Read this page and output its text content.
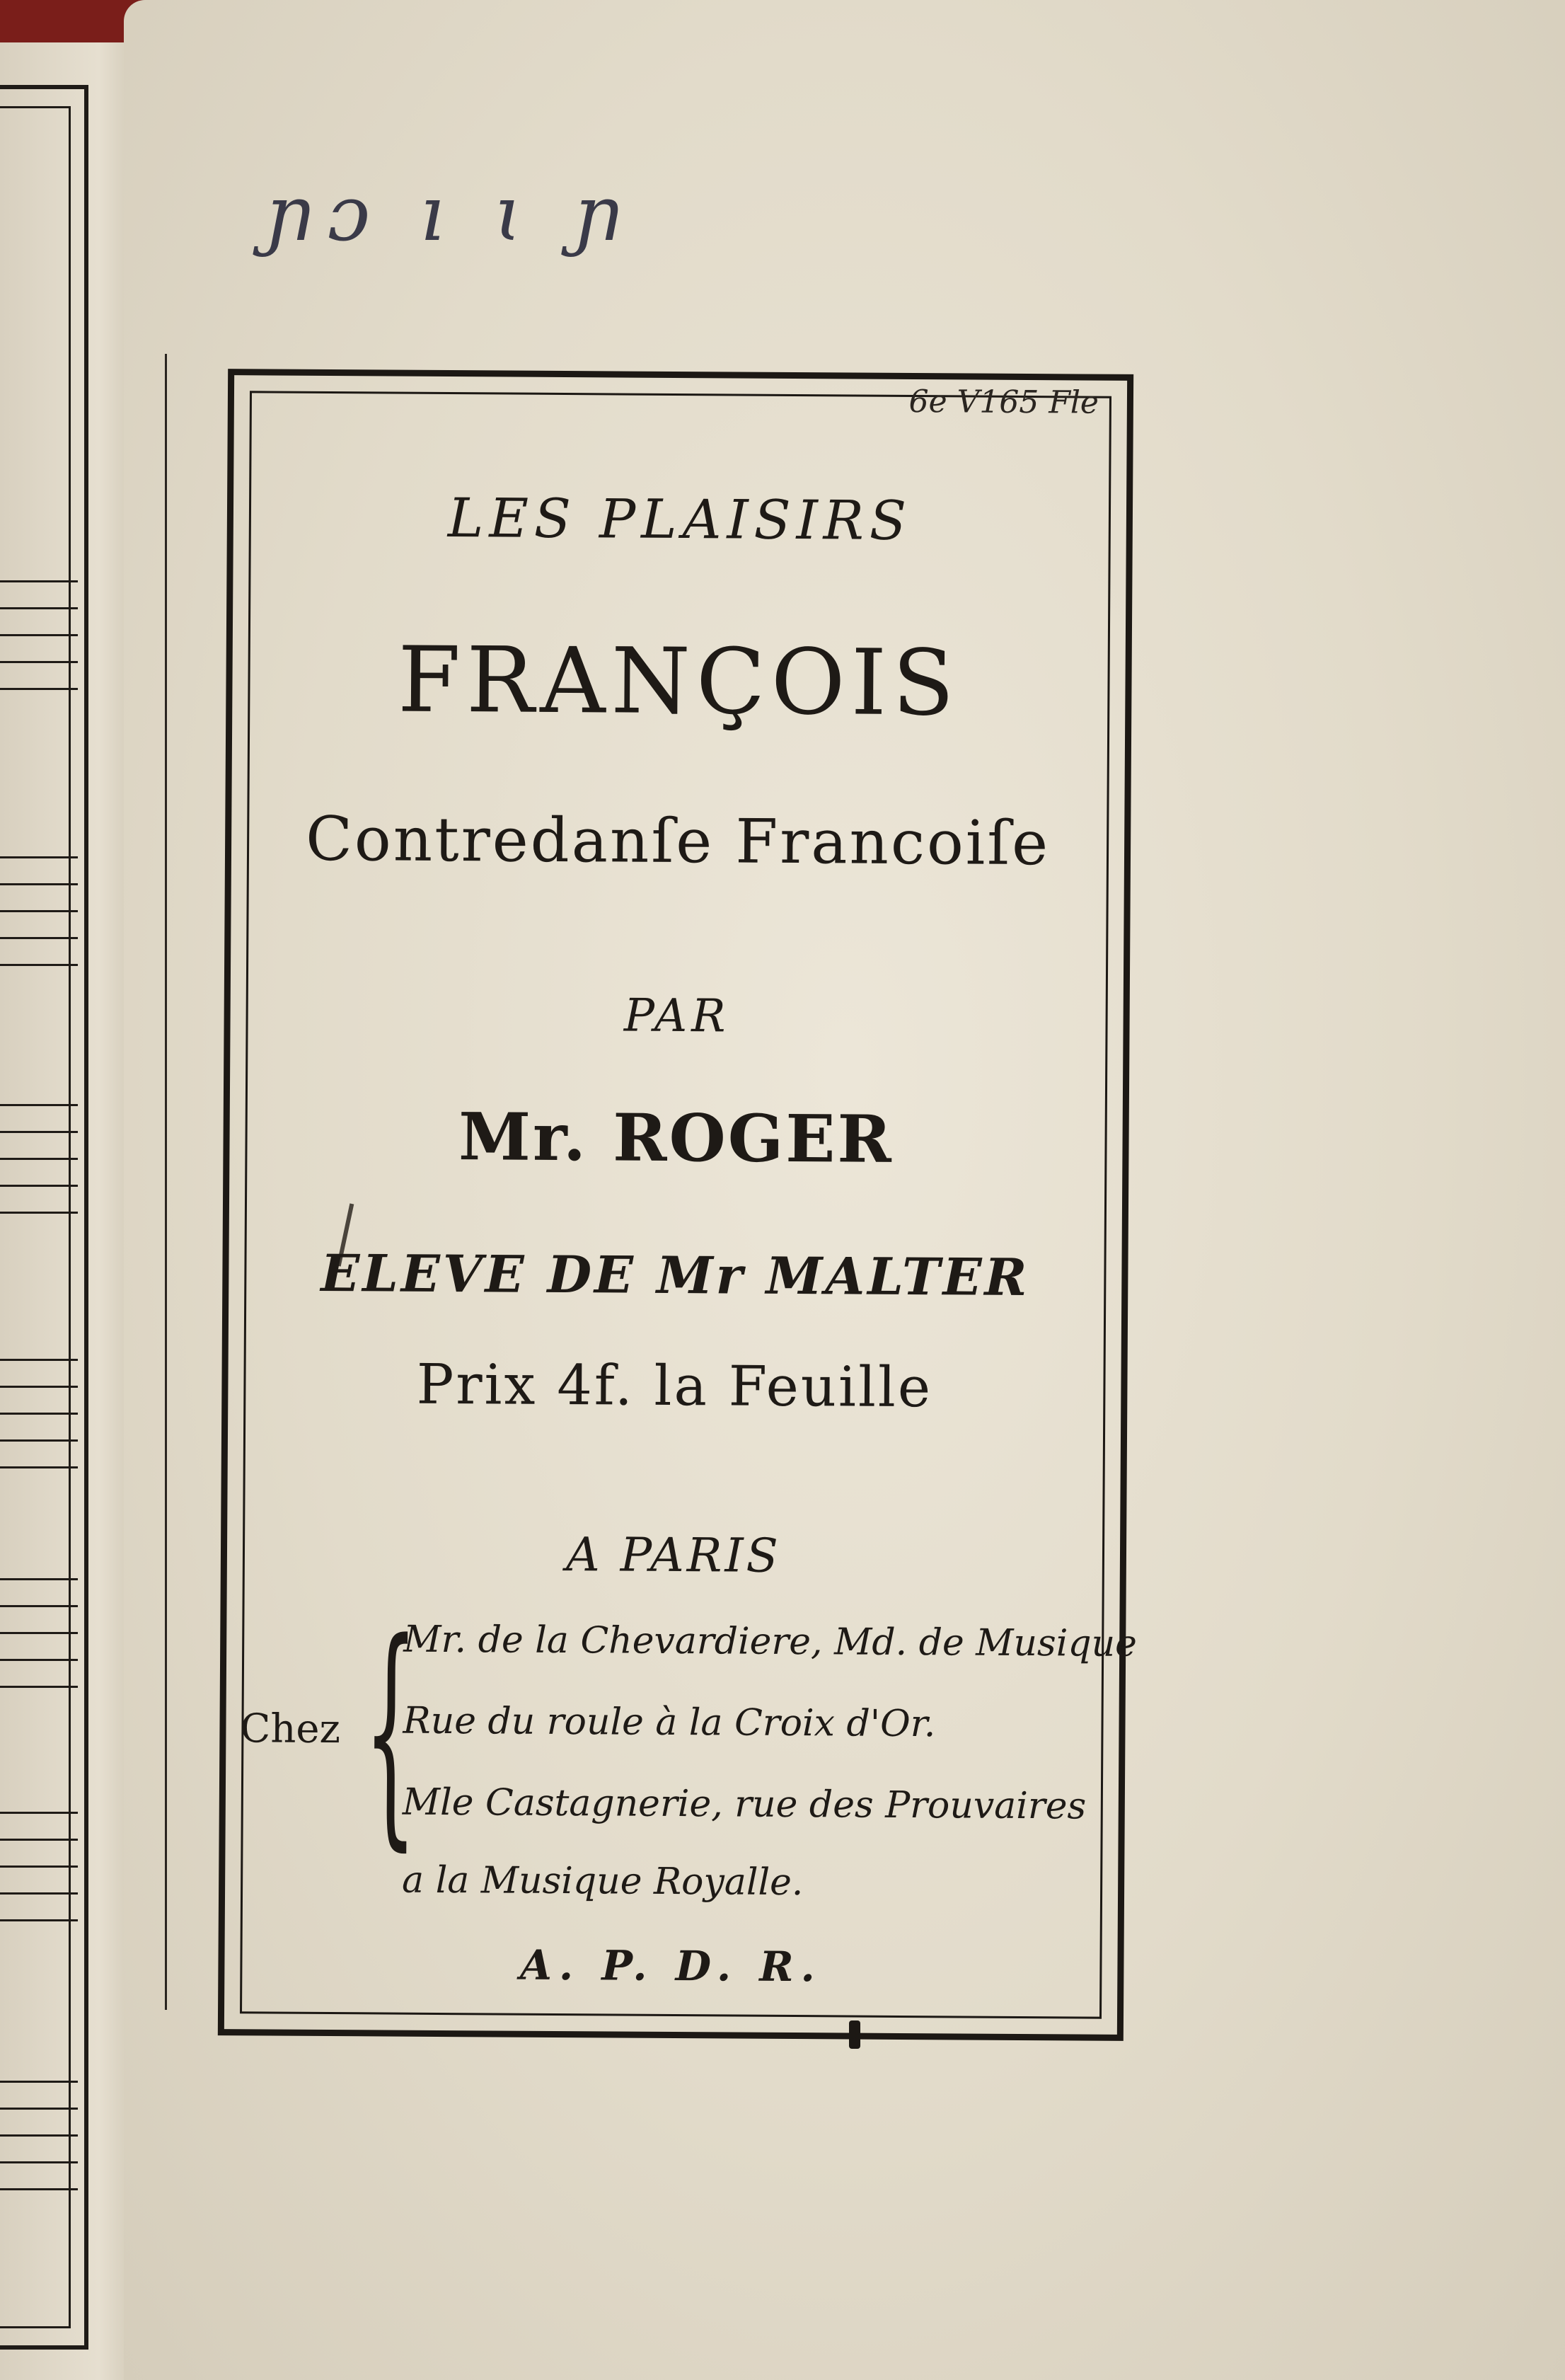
ɲɔ ı ɩ ɲ
6e V165 Fle
LES PLAISIRS
FRANÇOIS
Contredanſe Francoiſe
PAR
Mr. ROGER
ELEVE DE Mr MALTER
Prix 4f. la Feuille
A PARIS
Chez {
Mr. de la Chevardiere, Md. de Musique
Rue du roule à la Croix d'Or.
Mle Castagnerie, rue des Prouvaires
a la Musique Royalle.
A. P. D. R.
